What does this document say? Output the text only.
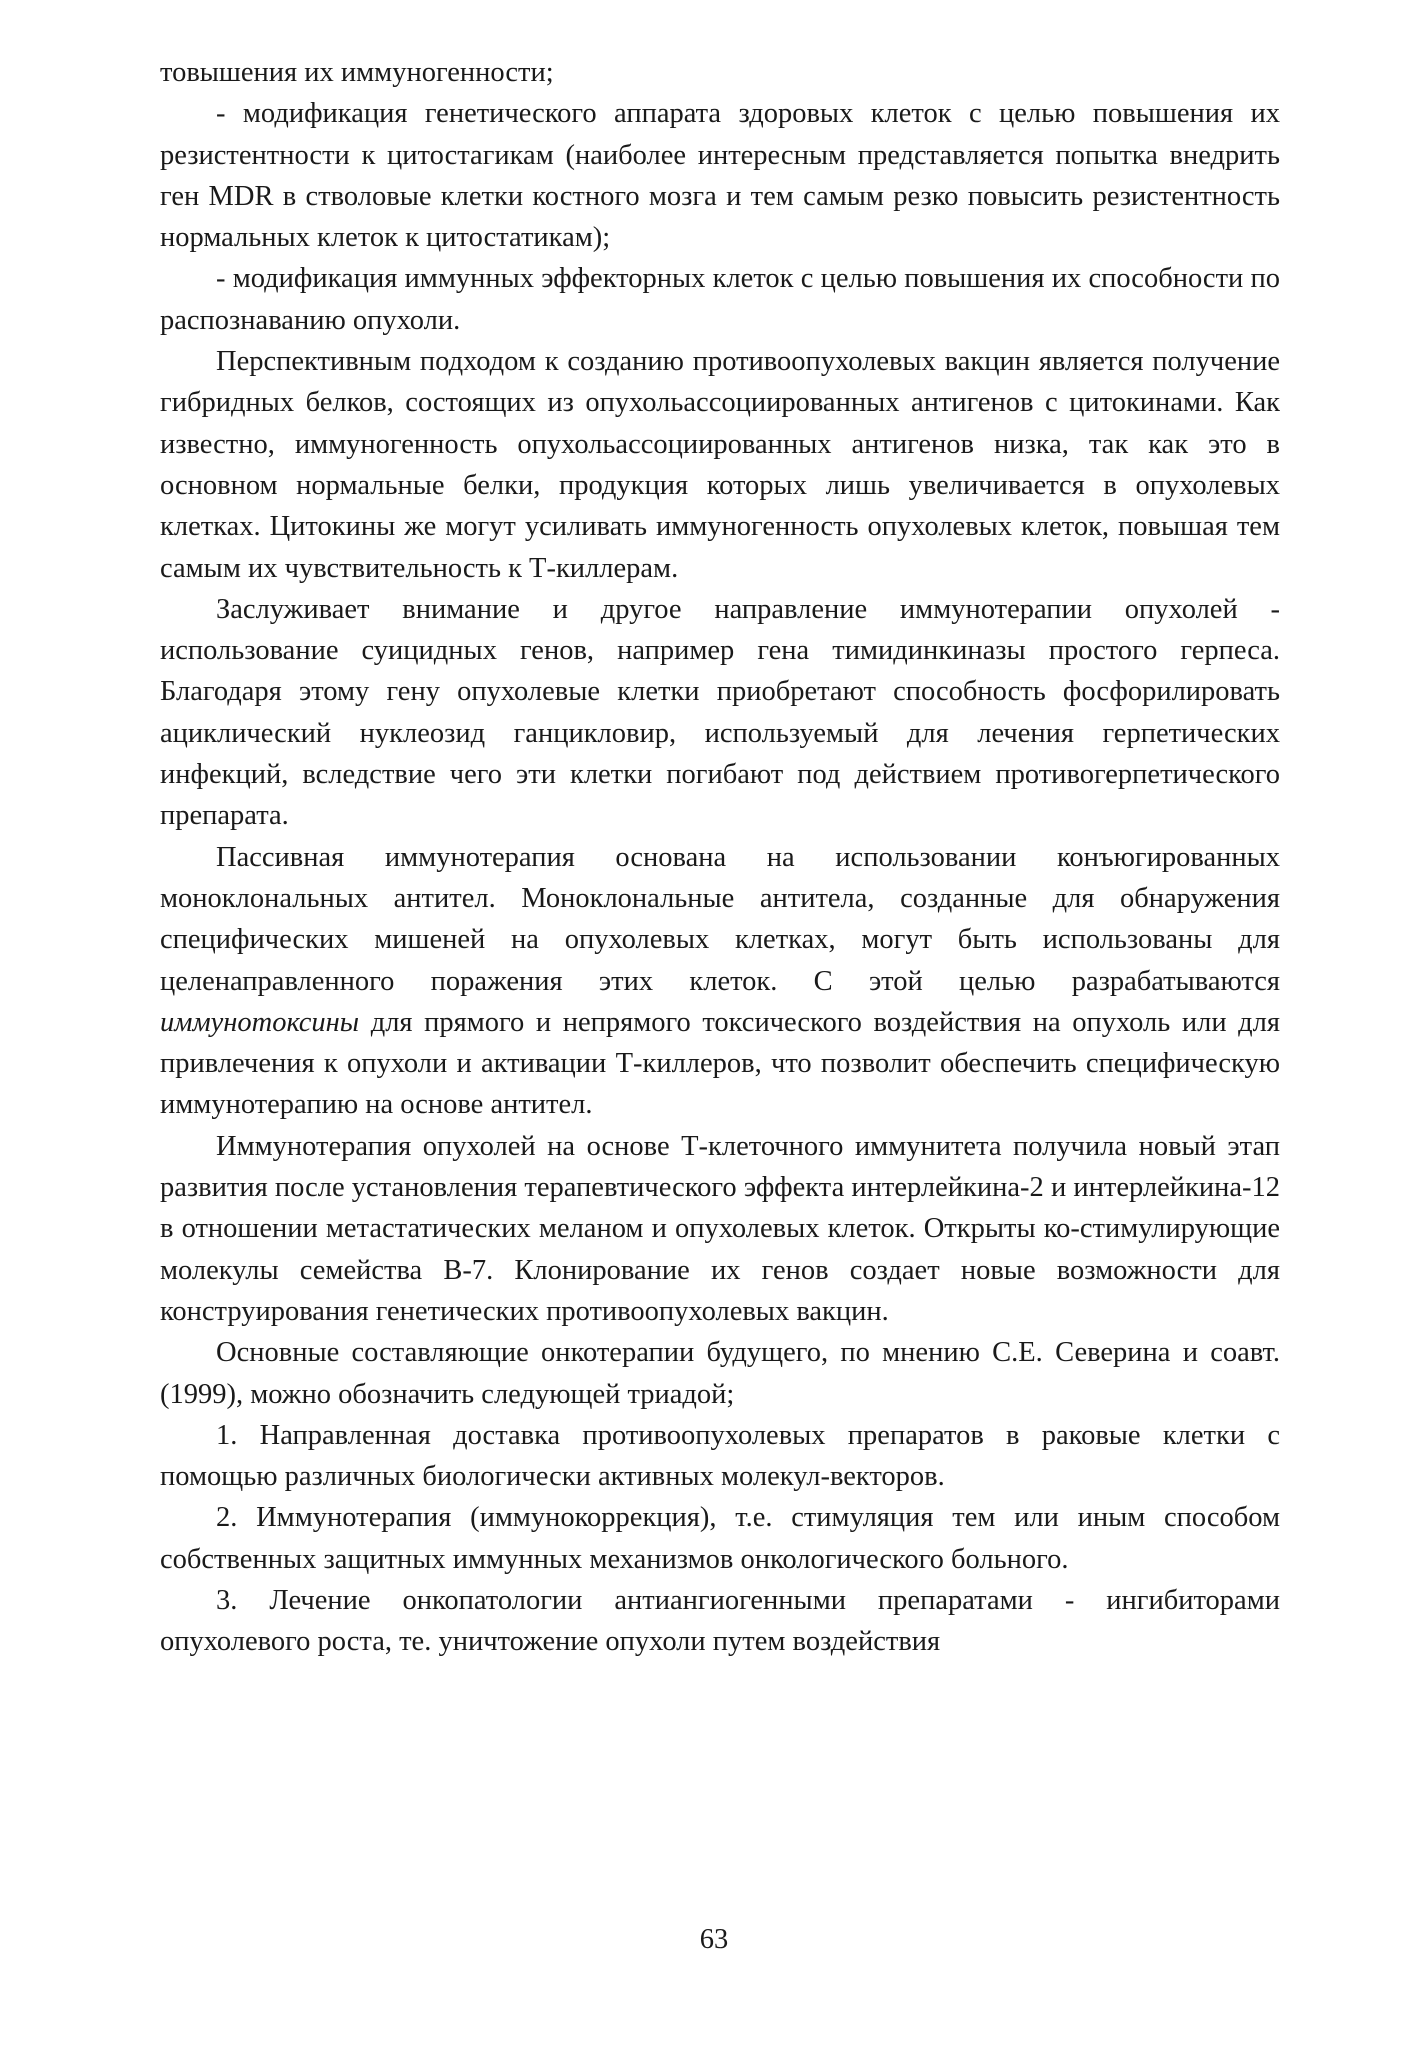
товышения их иммуногенности;

- модификация генетического аппарата здоровых клеток с целью повышения их резистентности к цитостагикам (наиболее интересным представляется попытка внедрить ген MDR в стволовые клетки костного мозга и тем самым резко повысить резистентность нормальных клеток к цитостатикам);

- модификация иммунных эффекторных клеток с целью повышения их способности по распознаванию опухоли.

Перспективным подходом к созданию противоопухолевых вакцин является получение гибридных белков, состоящих из опухольассоциированных антигенов с цитокинами. Как известно, иммуногенность опухольассоциированных антигенов низка, так как это в основном нормальные белки, продукция которых лишь увеличивается в опухолевых клетках. Цитокины же могут усиливать иммуногенность опухолевых клеток, повышая тем самым их чувствительность к Т-киллерам.

Заслуживает внимание и другое направление иммунотерапии опухолей - использование суицидных генов, например гена тимидинкиназы простого герпеса. Благодаря этому гену опухолевые клетки приобретают способность фосфорилировать ациклический нуклеозид ганцикловир, используемый для лечения герпетических инфекций, вследствие чего эти клетки погибают под действием противогерпетического препарата.

Пассивная иммунотерапия основана на использовании конъюгированных моноклональных антител. Моноклональные антитела, созданные для обнаружения специфических мишеней на опухолевых клетках, могут быть использованы для целенаправленного поражения этих клеток. С этой целью разрабатываются иммунотоксины для прямого и непрямого токсического воздействия на опухоль или для привлечения к опухоли и активации Т-киллеров, что позволит обеспечить специфическую иммунотерапию на основе антител.

Иммунотерапия опухолей на основе Т-клеточного иммунитета получила новый этап развития после установления терапевтического эффекта интерлейкина-2 и интерлейкина-12 в отношении метастатических меланом и опухолевых клеток. Открыты ко-стимулирующие молекулы семейства В-7. Клонирование их генов создает новые возможности для конструирования генетических противоопухолевых вакцин.

Основные составляющие онкотерапии будущего, по мнению С.Е. Северина и соавт. (1999), можно обозначить следующей триадой;

1. Направленная доставка противоопухолевых препаратов в раковые клетки с помощью различных биологически активных молекул-векторов.

2. Иммунотерапия (иммунокоррекция), т.е. стимуляция тем или иным способом собственных защитных иммунных механизмов онкологического больного.

3. Лечение онкопатологии антиангиогенными препаратами - ингибиторами опухолевого роста, те. уничтожение опухоли путем воздействия

63
